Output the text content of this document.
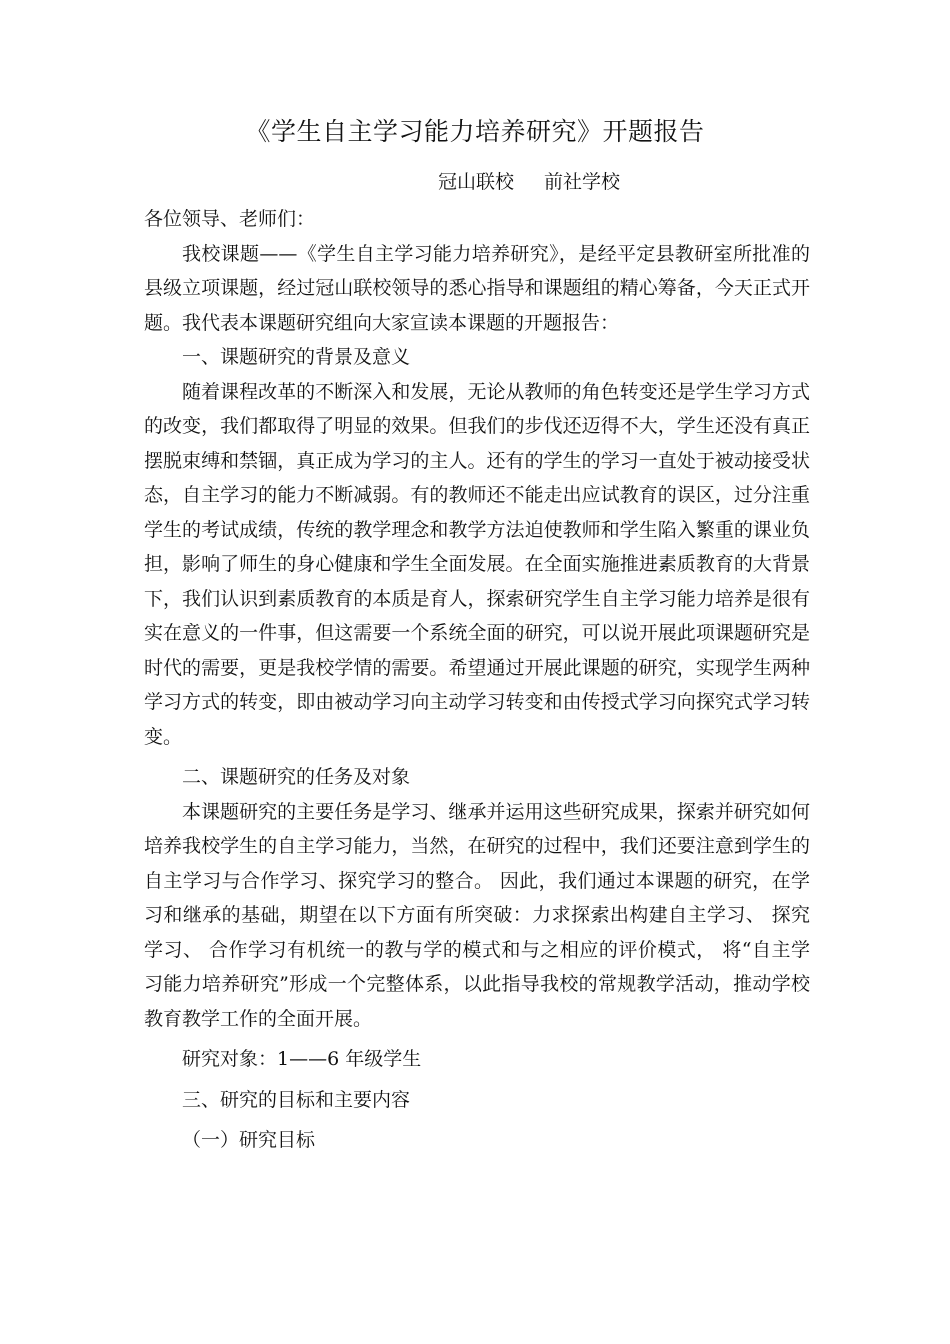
《学生自主学习能力培养研究》开题报告
冠山联校 前社学校

各位领导、老师们：

我校课题——《学生自主学习能力培养研究》，是经平定县教研室所批准的县级立项课题，经过冠山联校领导的悉心指导和课题组的精心筹备，今天正式开题。我代表本课题研究组向大家宣读本课题的开题报告：

一、课题研究的背景及意义

随着课程改革的不断深入和发展，无论从教师的角色转变还是学生学习方式的改变，我们都取得了明显的效果。但我们的步伐还迈得不大，学生还没有真正摆脱束缚和禁锢，真正成为学习的主人。还有的学生的学习一直处于被动接受状态，自主学习的能力不断减弱。有的教师还不能走出应试教育的误区，过分注重学生的考试成绩，传统的教学理念和教学方法迫使教师和学生陷入繁重的课业负担，影响了师生的身心健康和学生全面发展。在全面实施推进素质教育的大背景下，我们认识到素质教育的本质是育人，探索研究学生自主学习能力培养是很有实在意义的一件事，但这需要一个系统全面的研究，可以说开展此项课题研究是时代的需要，更是我校学情的需要。希望通过开展此课题的研究，实现学生两种学习方式的转变，即由被动学习向主动学习转变和由传授式学习向探究式学习转变。

二、课题研究的任务及对象

本课题研究的主要任务是学习、继承并运用这些研究成果，探索并研究如何培养我校学生的自主学习能力，当然，在研究的过程中，我们还要注意到学生的自主学习与合作学习、探究学习的整合。 因此，我们通过本课题的研究，在学习和继承的基础，期望在以下方面有所突破：力求探索出构建自主学习、 探究学习、 合作学习有机统一的教与学的模式和与之相应的评价模式， 将“自主学习能力培养研究”形成一个完整体系，以此指导我校的常规教学活动，推动学校教育教学工作的全面开展。

研究对象：1——6 年级学生

三、研究的目标和主要内容

（一）研究目标
